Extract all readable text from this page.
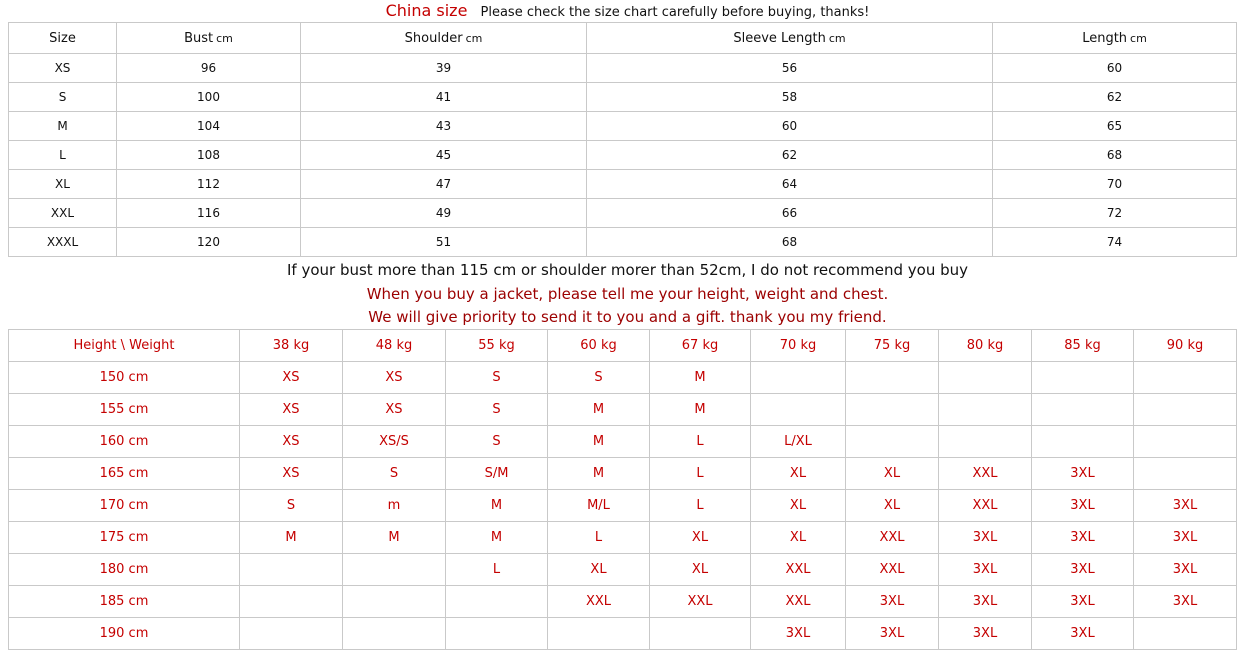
China size Please check the size chart carefully before buying, thanks!
Size	Bust cm	Shoulder cm	Sleeve Length cm	Length cm
XS	96	39	56	60
S	100	41	58	62
M	104	43	60	65
L	108	45	62	68
XL	112	47	64	70
XXL	116	49	66	72
XXXL	120	51	68	74
If your bust more than 115 cm or shoulder morer than 52cm, I do not recommend you buy
When you buy a jacket, please tell me your height, weight and chest.
We will give priority to send it to you and a gift. thank you my friend.
Height \ Weight	38 kg	48 kg	55 kg	60 kg	67 kg	70 kg	75 kg	80 kg	85 kg	90 kg
150 cm	XS	XS	S	S	M					
155 cm	XS	XS	S	M	M					
160 cm	XS	XS/S	S	M	L	L/XL				
165 cm	XS	S	S/M	M	L	XL	XL	XXL	3XL	
170 cm	S	m	M	M/L	L	XL	XL	XXL	3XL	3XL
175 cm	M	M	M	L	XL	XL	XXL	3XL	3XL	3XL
180 cm			L	XL	XL	XXL	XXL	3XL	3XL	3XL
185 cm				XXL	XXL	XXL	3XL	3XL	3XL	3XL
190 cm						3XL	3XL	3XL	3XL	
